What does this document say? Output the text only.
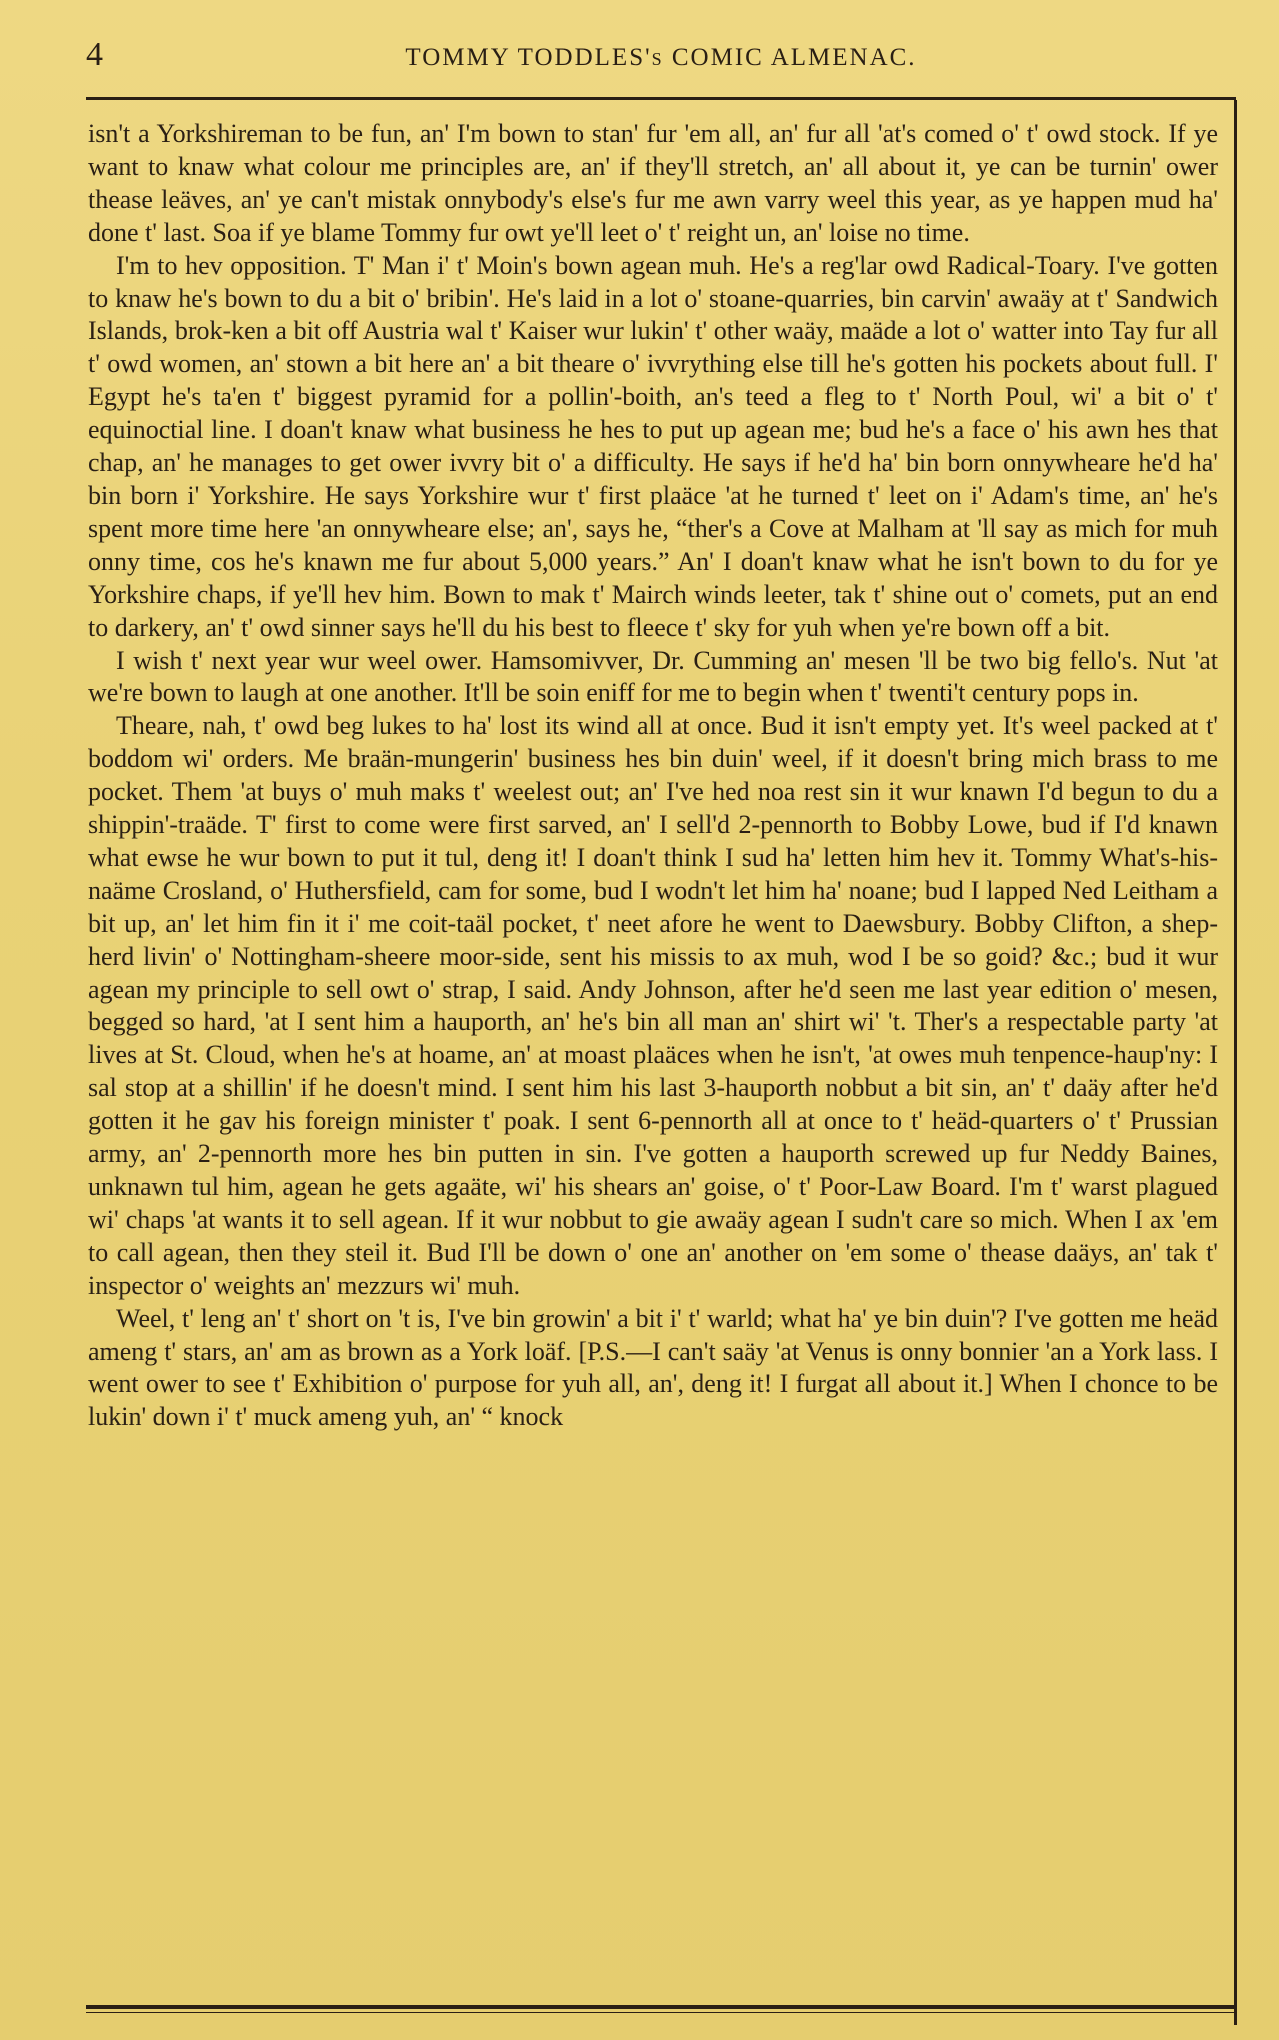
4	TOMMY TODDLES's COMIC ALMENAC.

isn't a Yorkshireman to be fun, an' I'm bown to stan' fur 'em all, an' fur all 'at's comed o' t' owd stock. If ye want to knaw what colour me principles are, an' if they'll stretch, an' all about it, ye can be turnin' ower thease leäves, an' ye can't mistak onnybody's else's fur me awn varry weel this year, as ye happen mud ha' done t' last. Soa if ye blame Tommy fur owt ye'll leet o' t' reight un, an' loise no time.

I'm to hev opposition. T' Man i' t' Moin's bown agean muh. He's a reg'lar owd Radical-Toary. I've gotten to knaw he's bown to du a bit o' bribin'. He's laid in a lot o' stoane-quarries, bin carvin' awaäy at t' Sandwich Islands, brok-ken a bit off Austria wal t' Kaiser wur lukin' t' other waäy, maäde a lot o' watter into Tay fur all t' owd women, an' stown a bit here an' a bit theare o' ivvrything else till he's gotten his pockets about full. I' Egypt he's ta'en t' biggest pyramid for a pollin'-boith, an's teed a fleg to t' North Poul, wi' a bit o' t' equinoctial line. I doan't knaw what business he hes to put up agean me; bud he's a face o' his awn hes that chap, an' he manages to get ower ivvry bit o' a difficulty. He says if he'd ha' bin born onnywheare he'd ha' bin born i' Yorkshire. He says Yorkshire wur t' first plaäce 'at he turned t' leet on i' Adam's time, an' he's spent more time here 'an onnywheare else; an', says he, “ther's a Cove at Malham at 'll say as mich for muh onny time, cos he's knawn me fur about 5,000 years.” An' I doan't knaw what he isn't bown to du for ye Yorkshire chaps, if ye'll hev him. Bown to mak t' Mairch winds leeter, tak t' shine out o' comets, put an end to darkery, an' t' owd sinner says he'll du his best to fleece t' sky for yuh when ye're bown off a bit.

I wish t' next year wur weel ower. Hamsomivver, Dr. Cumming an' mesen 'll be two big fello's. Nut 'at we're bown to laugh at one another. It'll be soin eniff for me to begin when t' twenti't century pops in.

Theare, nah, t' owd beg lukes to ha' lost its wind all at once. Bud it isn't empty yet. It's weel packed at t' boddom wi' orders. Me braän-mungerin' business hes bin duin' weel, if it doesn't bring mich brass to me pocket. Them 'at buys o' muh maks t' weelest out; an' I've hed noa rest sin it wur knawn I'd begun to du a shippin'-traäde. T' first to come were first sarved, an' I sell'd 2-pennorth to Bobby Lowe, bud if I'd knawn what ewse he wur bown to put it tul, deng it! I doan't think I sud ha' letten him hev it. Tommy What's-his-naäme Crosland, o' Huthersfield, cam for some, bud I wodn't let him ha' noane; bud I lapped Ned Leitham a bit up, an' let him fin it i' me coit-taäl pocket, t' neet afore he went to Daewsbury. Bobby Clifton, a shep-herd livin' o' Nottingham-sheere moor-side, sent his missis to ax muh, wod I be so goid? &c.; bud it wur agean my principle to sell owt o' strap, I said. Andy Johnson, after he'd seen me last year edition o' mesen, begged so hard, 'at I sent him a hauporth, an' he's bin all man an' shirt wi' 't. Ther's a respectable party 'at lives at St. Cloud, when he's at hoame, an' at moast plaäces when he isn't, 'at owes muh tenpence-haup'ny: I sal stop at a shillin' if he doesn't mind. I sent him his last 3-hauporth nobbut a bit sin, an' t' daäy after he'd gotten it he gav his foreign minister t' poak. I sent 6-pennorth all at once to t' heäd-quarters o' t' Prussian army, an' 2-pennorth more hes bin putten in sin. I've gotten a hauporth screwed up fur Neddy Baines, unknawn tul him, agean he gets agaäte, wi' his shears an' goise, o' t' Poor-Law Board. I'm t' warst plagued wi' chaps 'at wants it to sell agean. If it wur nobbut to gie awaäy agean I sudn't care so mich. When I ax 'em to call agean, then they steil it. Bud I'll be down o' one an' another on 'em some o' thease daäys, an' tak t' inspector o' weights an' mezzurs wi' muh.

Weel, t' leng an' t' short on 't is, I've bin growin' a bit i' t' warld; what ha' ye bin duin'? I've gotten me heäd ameng t' stars, an' am as brown as a York loäf. [P.S.—I can't saäy 'at Venus is onny bonnier 'an a York lass. I went ower to see t' Exhibition o' purpose for yuh all, an', deng it! I furgat all about it.] When I chonce to be lukin' down i' t' muck ameng yuh, an' “ knock
